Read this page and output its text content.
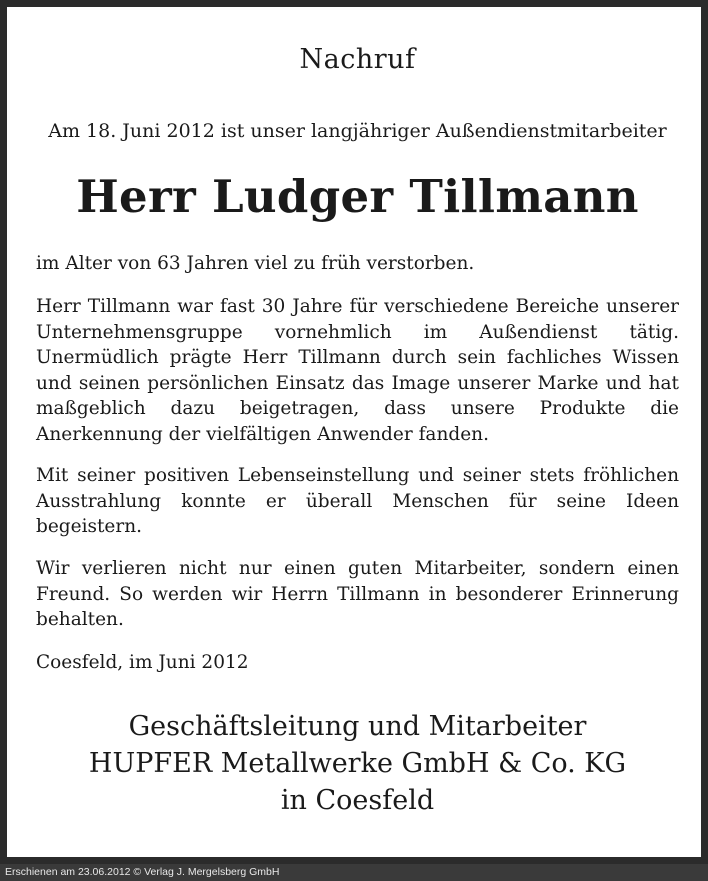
Nachruf
Am 18. Juni 2012 ist unser langjähriger Außendienstmitarbeiter
Herr Ludger Tillmann

im Alter von 63 Jahren viel zu früh verstorben.

Herr Tillmann war fast 30 Jahre für verschiedene Bereiche unserer Unternehmensgruppe vornehmlich im Außendienst tätig. Unermüdlich prägte Herr Tillmann durch sein fachliches Wissen und seinen persönlichen Einsatz das Image unserer Marke und hat maßgeblich dazu beigetragen, dass unsere Produkte die Anerkennung der vielfältigen Anwender fanden.

Mit seiner positiven Lebenseinstellung und seiner stets fröhlichen Ausstrahlung konnte er überall Menschen für seine Ideen begeistern.

Wir verlieren nicht nur einen guten Mitarbeiter, sondern einen Freund. So werden wir Herrn Tillmann in besonderer Erinnerung behalten.

Coesfeld, im Juni 2012

Geschäftsleitung und Mitarbeiter
HUPFER Metallwerke GmbH & Co. KG
in Coesfeld
Erschienen am 23.06.2012 © Verlag J. Mergelsberg GmbH
